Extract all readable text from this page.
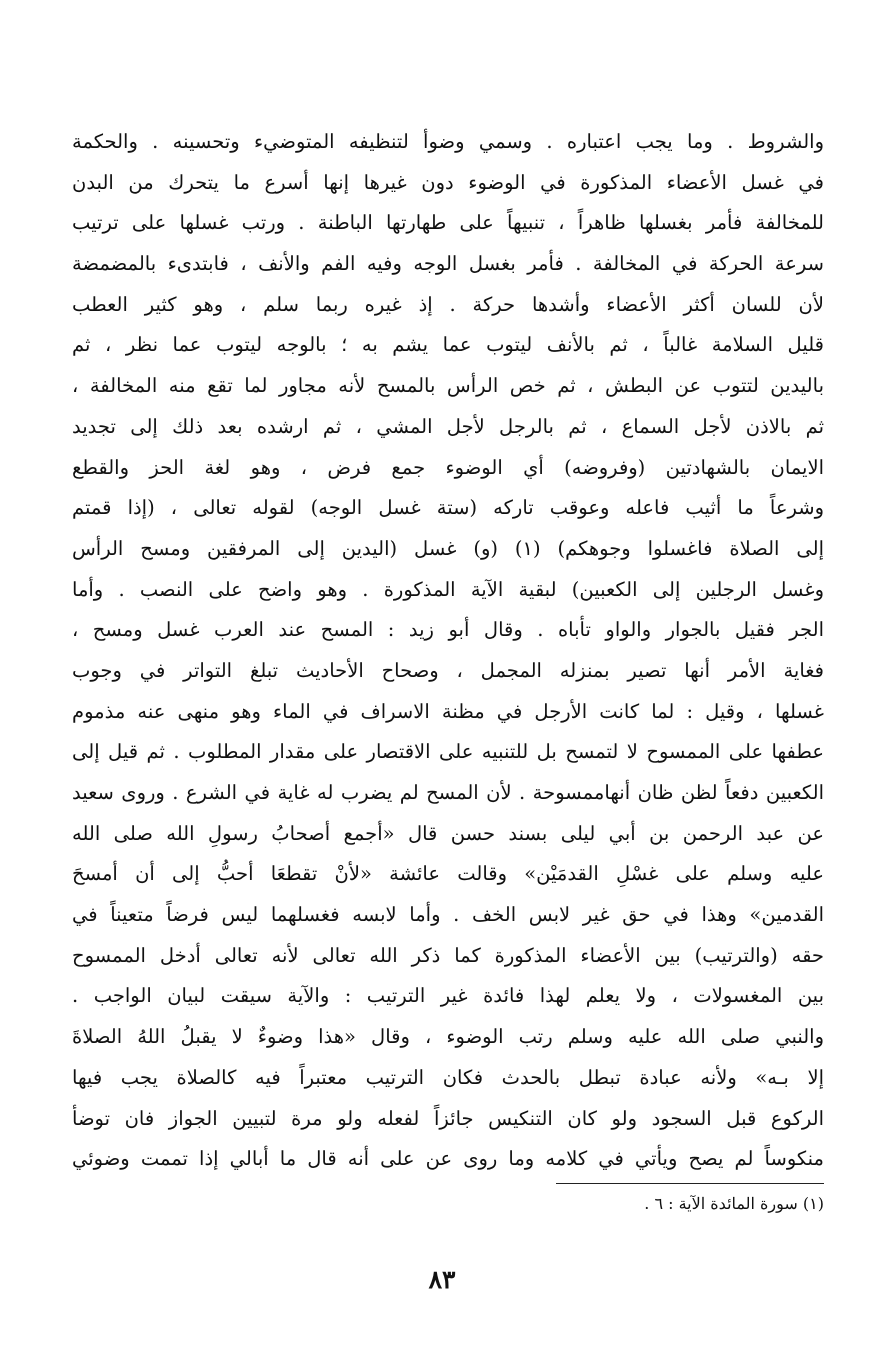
والشروط . وما يجب اعتباره . وسمي وضوأ لتنظيفه المتوضيء وتحسينه . والحكمة
في غسل الأعضاء المذكورة في الوضوء دون غيرها إنها أسرع ما يتحرك من البدن
للمخالفة فأمر بغسلها ظاهراً ، تنبيهاً على طهارتها الباطنة . ورتب غسلها على ترتيب
سرعة الحركة في المخالفة . فأمر بغسل الوجه وفيه الفم والأنف ، فابتدىء بالمضمضة
لأن للسان أكثر الأعضاء وأشدها حركة . إذ غيره ربما سلم ، وهو كثير العطب
قليل السلامة غالباً ، ثم بالأنف ليتوب عما يشم به ؛ بالوجه ليتوب عما نظر ، ثم
باليدين لتتوب عن البطش ، ثم خص الرأس بالمسح لأنه مجاور لما تقع منه المخالفة ،
ثم بالاذن لأجل السماع ، ثم بالرجل لأجل المشي ، ثم ارشده بعد ذلك إلى تجديد
الايمان بالشهادتين (وفروضه) أي الوضوء جمع فرض ، وهو لغة الحز والقطع
وشرعاً ما أثيب فاعله وعوقب تاركه (ستة غسل الوجه) لقوله تعالى ، (إذا قمتم
إلى الصلاة فاغسلوا وجوهكم) (١) (و) غسل (اليدين إلى المرفقين ومسح الرأس
وغسل الرجلين إلى الكعبين) لبقية الآية المذكورة . وهو واضح على النصب . وأما
الجر فقيل بالجوار والواو تأباه . وقال أبو زيد : المسح عند العرب غسل ومسح ،
فغاية الأمر أنها تصير بمنزله المجمل ، وصحاح الأحاديث تبلغ التواتر في وجوب
غسلها ، وقيل : لما كانت الأرجل في مظنة الاسراف في الماء وهو منهى عنه مذموم
عطفها على الممسوح لا لتمسح بل للتنبيه على الاقتصار على مقدار المطلوب . ثم قيل إلى
الكعبين دفعاً لظن ظان أنهاممسوحة . لأن المسح لم يضرب له غاية في الشرع . وروى سعيد
عن عبد الرحمن بن أبي ليلى بسند حسن قال «أجمع أصحابُ رسولِ الله صلى الله
عليه وسلم على غسْلِ القدمَيْن» وقالت عائشة «لأنْ تقطعَا أحبُّ إلى أن أمسحَ
القدمين» وهذا في حق غير لابس الخف . وأما لابسه فغسلهما ليس فرضاً متعيناً في
حقه (والترتيب) بين الأعضاء المذكورة كما ذكر الله تعالى لأنه تعالى أدخل الممسوح
بين المغسولات ، ولا يعلم لهذا فائدة غير الترتيب : والآية سيقت لبيان الواجب .
والنبي صلى الله عليه وسلم رتب الوضوء ، وقال «هذا وضوءٌ لا يقبلُ اللهُ الصلاةَ
إلا بـه» ولأنه عبادة تبطل بالحدث فكان الترتيب معتبراً فيه كالصلاة يجب فيها
الركوع قبل السجود ولو كان التنكيس جائزاً لفعله ولو مرة لتبيين الجواز فان توضأ
منكوساً لم يصح ويأتي في كلامه وما روى عن على أنه قال ما أبالي إذا تممت وضوئي
(١) سورة المائدة الآية : ٦ .
٨٣
